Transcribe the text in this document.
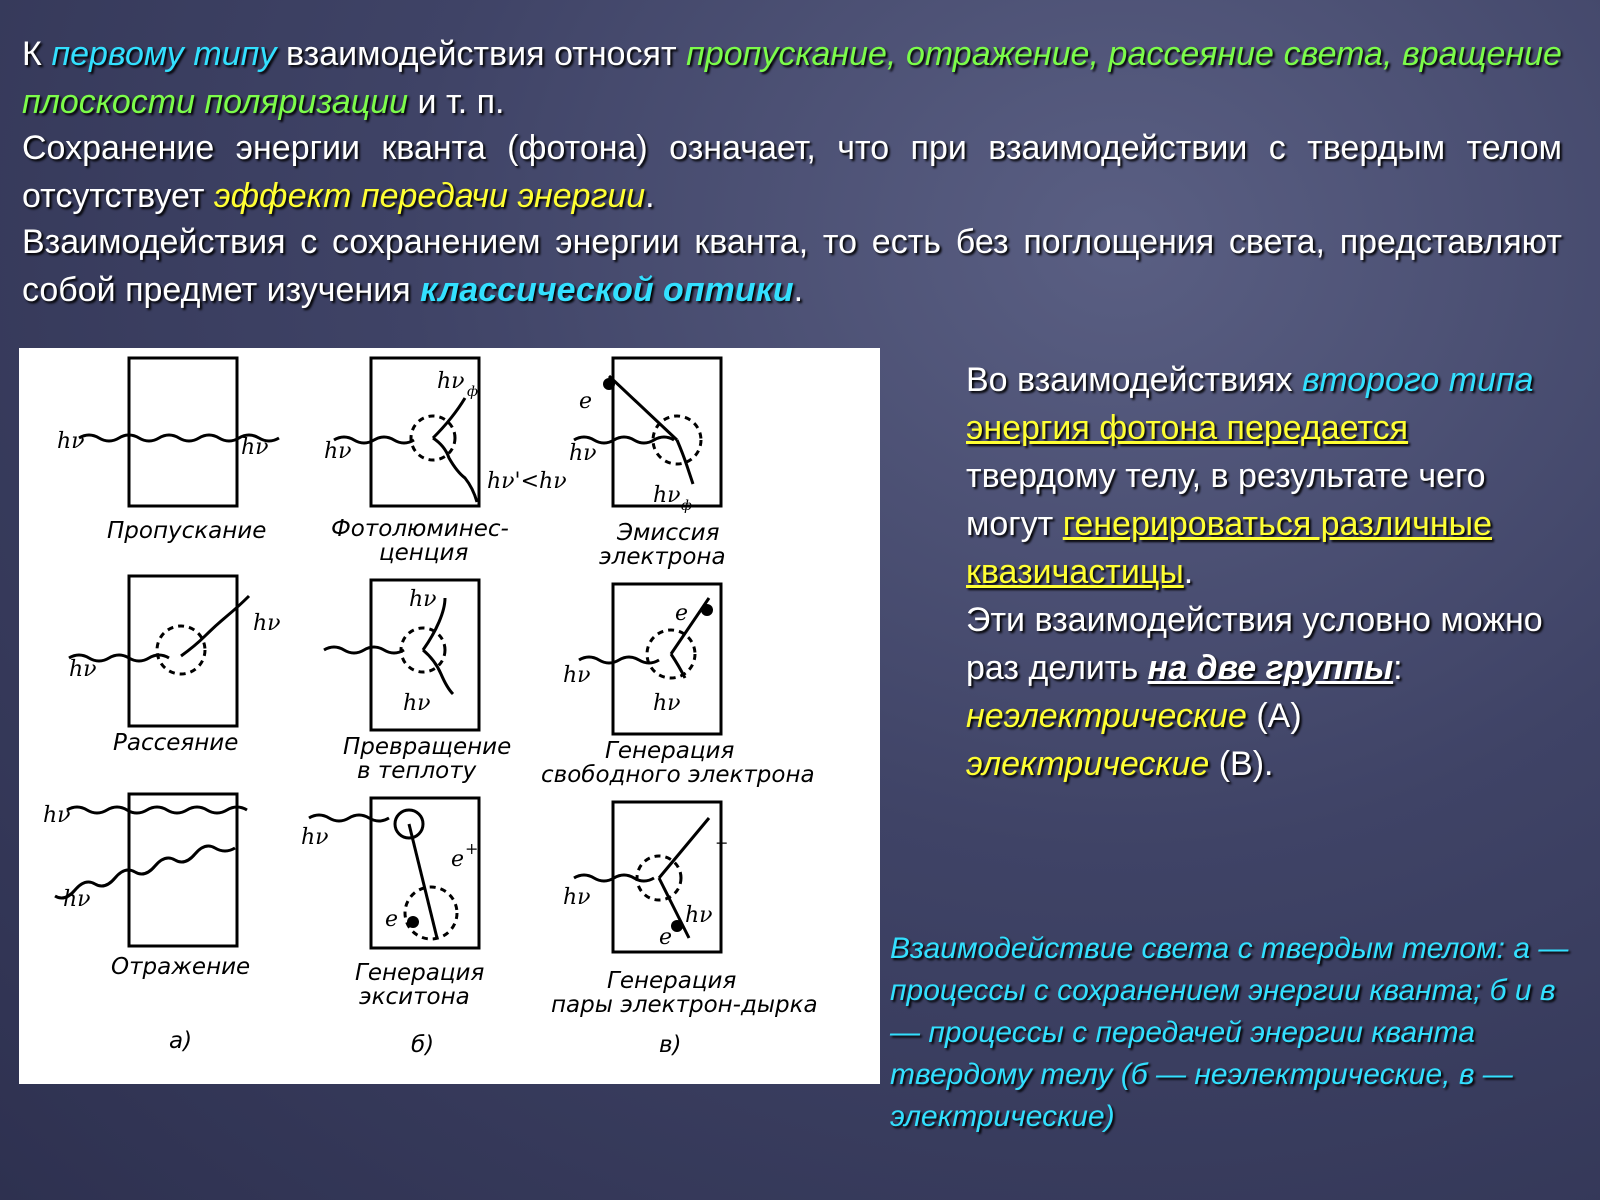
К первому типу взаимодействия относят пропускание, отражение, рассеяние света, вращение плоскости поляризации и т. п.
Сохранение энергии кванта (фотона) означает, что при взаимодействии с твердым телом отсутствует эффект передачи энергии.
Взаимодействия с сохранением энергии кванта, то есть без поглощения света, представляют собой предмет изучения классической оптики.
hν	hν	hν
hν ф
hν'<hν
e
hν
hν ф
hν
hν
hν
hν
hν
hν
e
hν
hν
hν
e +
e
hν
hν
e
+
Пропускание	Фотолюминес-
ценция
Эмиссия
электрона
Рассеяние	Превращение
в теплоту
Генерация
свободного электрона
Отражение	Генерация
экситона
Генерация
пары электрон-дырка
а)	б)	в)
Во взаимодействиях второго типа энергия фотона передается твердому телу, в результате чего могут генерироваться различные квазичастицы.
Эти взаимодействия условно можно раз делить на две группы:
неэлектрические (А)
электрические (В).
Взаимодействие света с твердым телом: а — процессы с сохранением энергии кванта; б и в — процессы с передачей энергии кванта твердому телу (б — неэлектрические, в — электрические)
